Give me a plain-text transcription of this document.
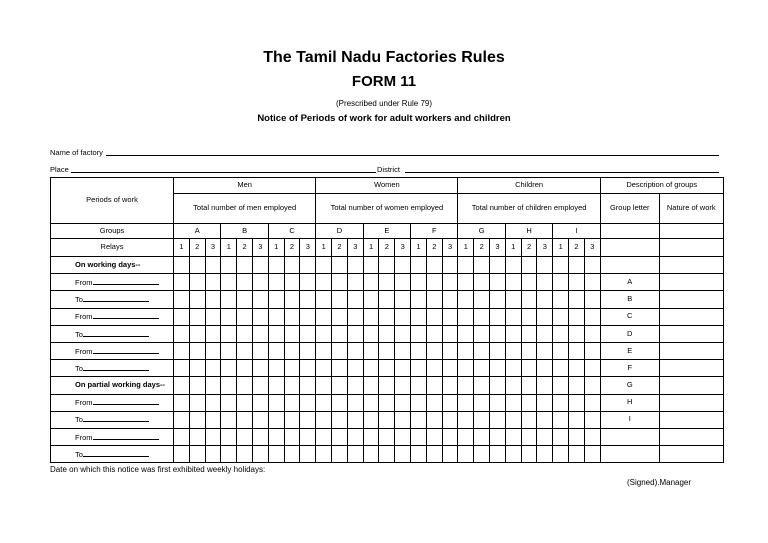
The Tamil Nadu Factories Rules
FORM 11
(Prescribed under Rule 79)
Notice of Periods of work for adult workers and children
Name of factory
Place	District
Periods of work	Men									Women									Children									Description of groups	
	Total number of men employed									Total number of women employed									Total number of children employed									Group letter	Nature of work
Groups	A			B			C			D			E			F			G			H			I				
Relays	1	2	3	1	2	3	1	2	3	1	2	3	1	2	3	1	2	3	1	2	3	1	2	3	1	2	3		
On working days--																													
From																												A	
To																												B	
From																												C	
To																												D	
From																												E	
To																												F	
On partial working days--																												G	
From																												H	
To																												I	
From																													
To																													
Date on which this notice was first exhibited weekly holidays:
(Signed).Manager
